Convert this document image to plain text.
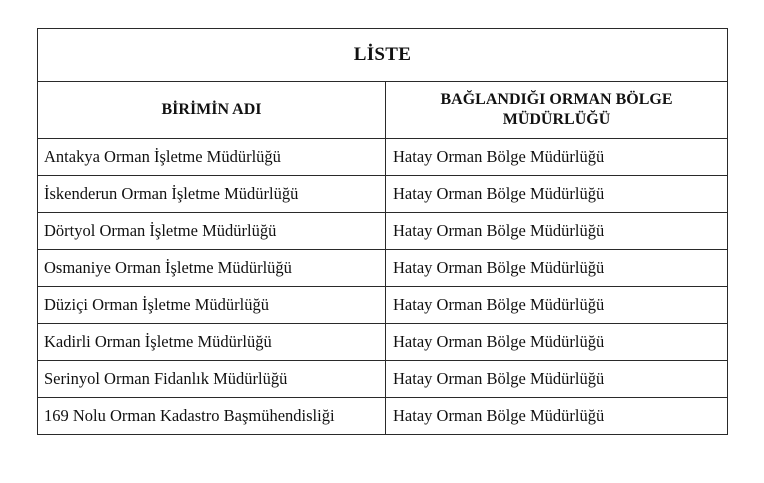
LİSTE	
BİRİMİN ADI	BAĞLANDIĞI ORMAN BÖLGE MÜDÜRLÜĞÜ
Antakya Orman İşletme Müdürlüğü	Hatay Orman Bölge Müdürlüğü
İskenderun Orman İşletme Müdürlüğü	Hatay Orman Bölge Müdürlüğü
Dörtyol Orman İşletme Müdürlüğü	Hatay Orman Bölge Müdürlüğü
Osmaniye Orman İşletme Müdürlüğü	Hatay Orman Bölge Müdürlüğü
Düziçi Orman İşletme Müdürlüğü	Hatay Orman Bölge Müdürlüğü
Kadirli Orman İşletme Müdürlüğü	Hatay Orman Bölge Müdürlüğü
Serinyol Orman Fidanlık Müdürlüğü	Hatay Orman Bölge Müdürlüğü
169 Nolu Orman Kadastro Başmühendisliği	Hatay Orman Bölge Müdürlüğü
